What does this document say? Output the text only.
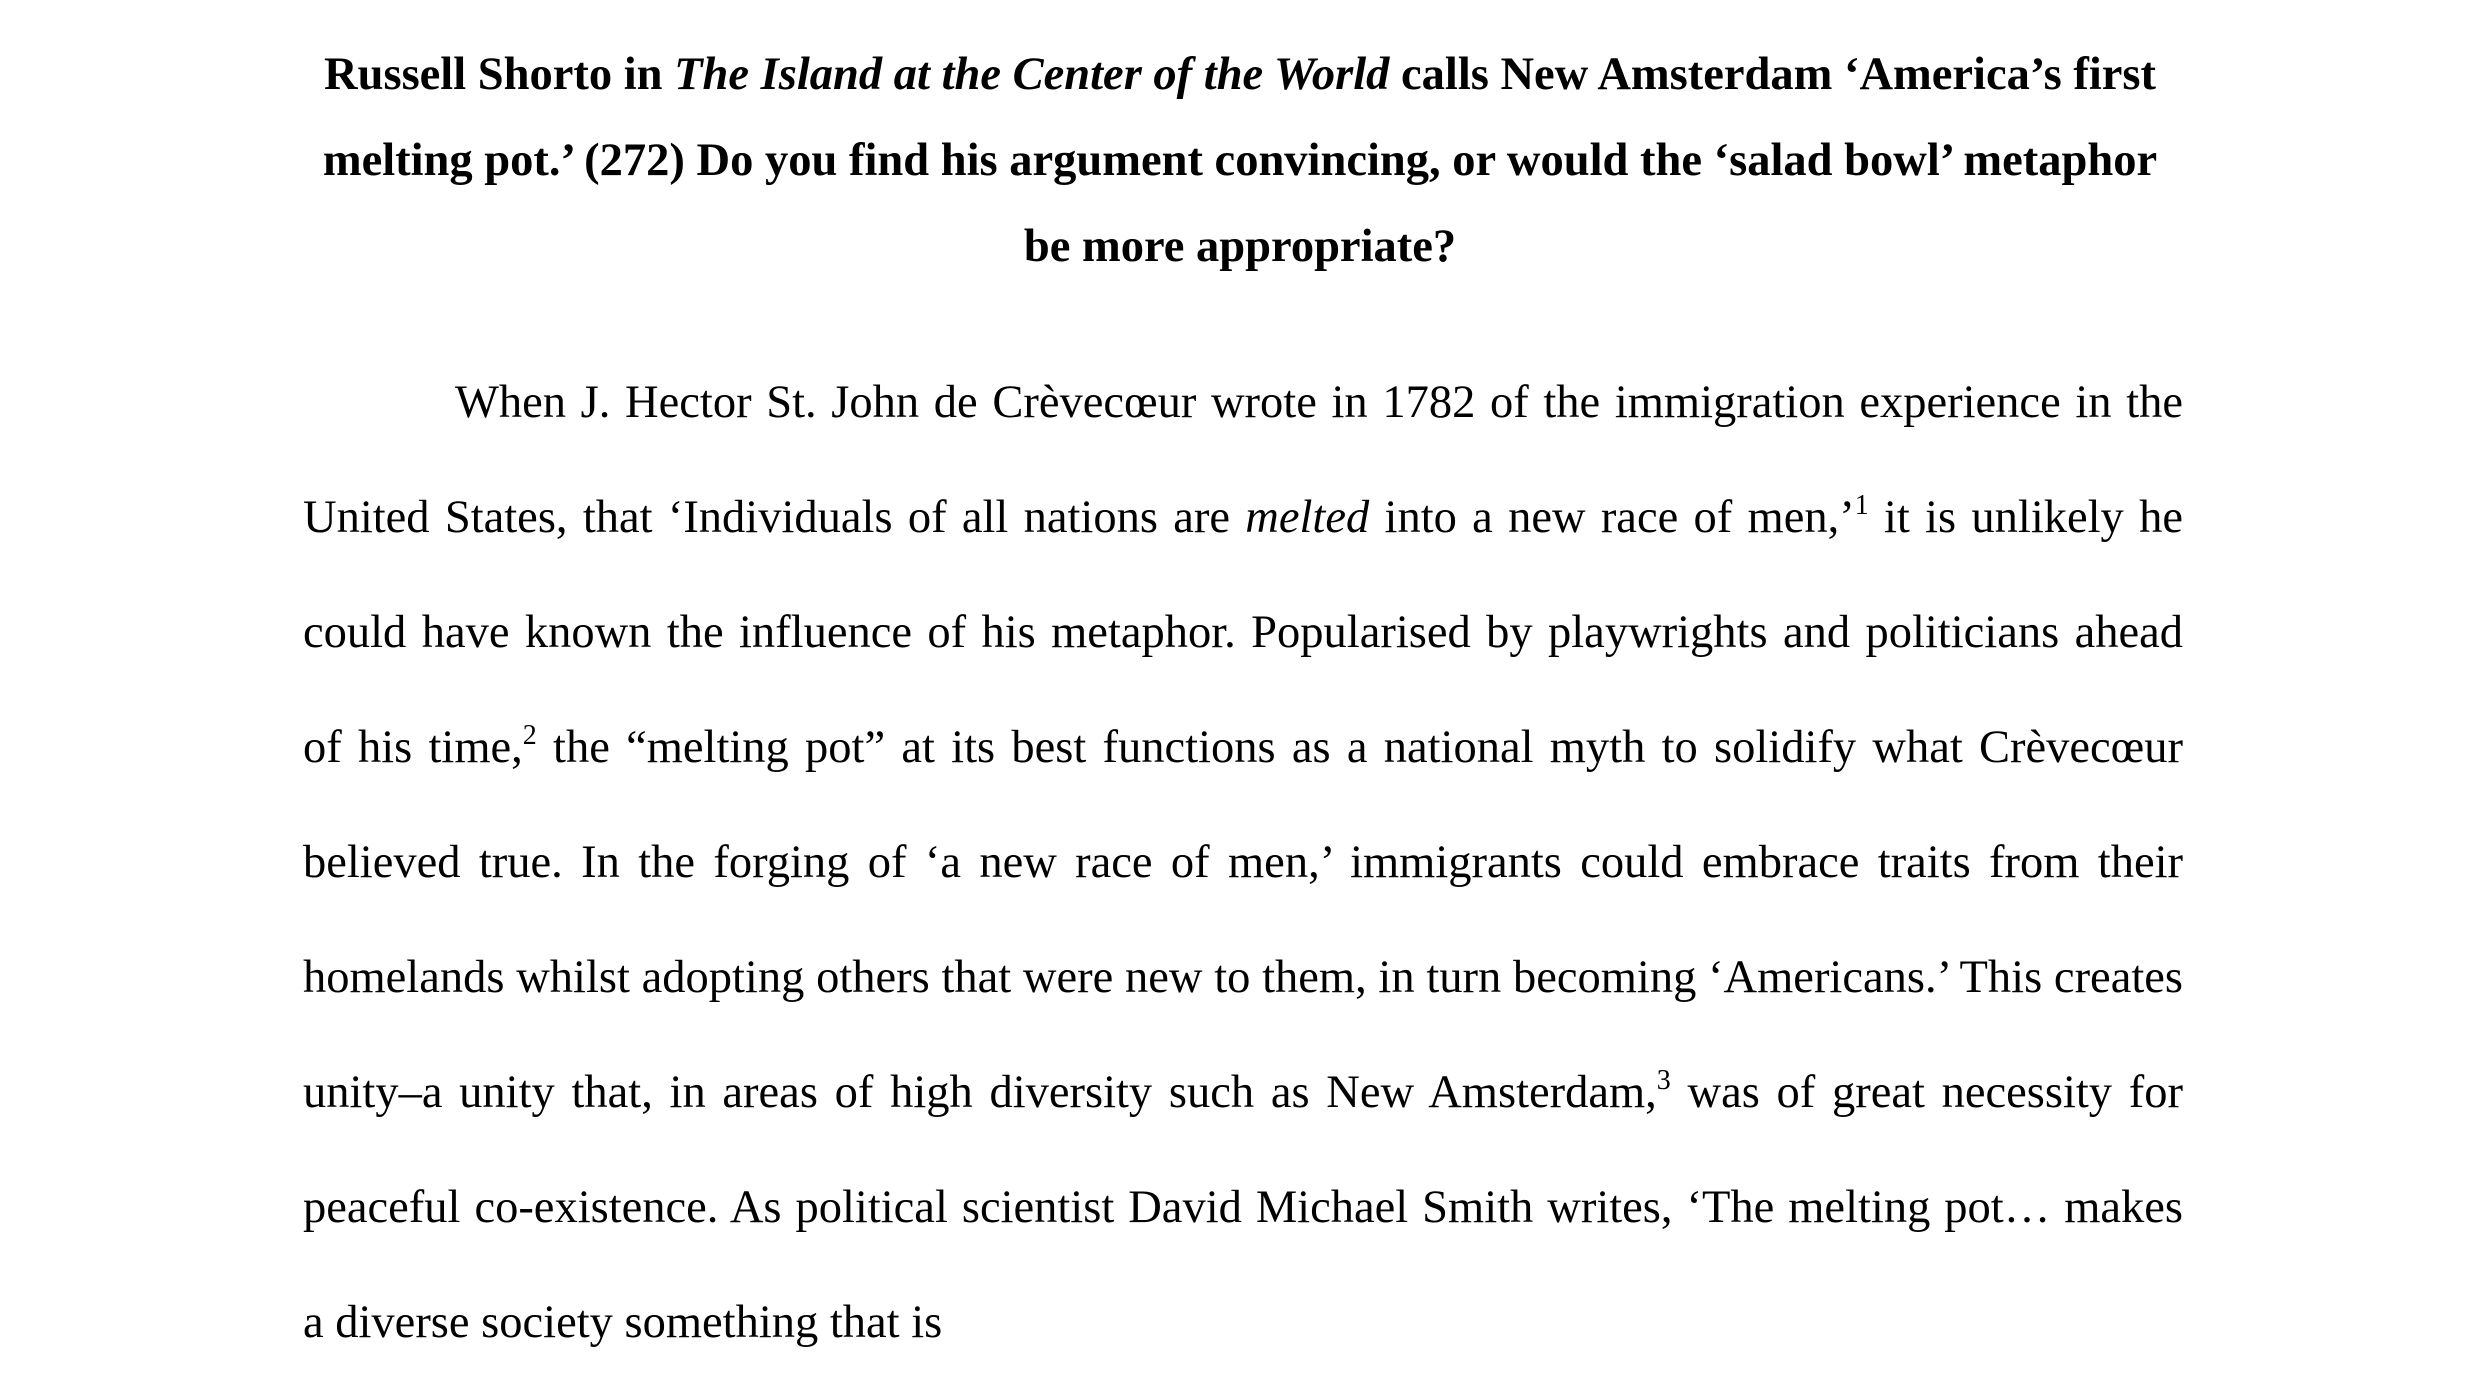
Russell Shorto in The Island at the Center of the World calls New Amsterdam ‘America’s first melting pot.’ (272) Do you find his argument convincing, or would the ‘salad bowl’ metaphor be more appropriate?

When J. Hector St. John de Crèvecœur wrote in 1782 of the immigration experience in the United States, that ‘Individuals of all nations are melted into a new race of men,’$^1$ it is unlikely he could have known the influence of his metaphor. Popularised by playwrights and politicians ahead of his time,$^2$ the “melting pot” at its best functions as a national myth to solidify what Crèvecœur believed true. In the forging of ‘a new race of men,’ immigrants could embrace traits from their homelands whilst adopting others that were new to them, in turn becoming ‘Americans.’ This creates unity–a unity that, in areas of high diversity such as New Amsterdam,$^3$ was of great necessity for peaceful co-existence. As political scientist David Michael Smith writes, ‘The melting pot… makes a diverse society something that is
